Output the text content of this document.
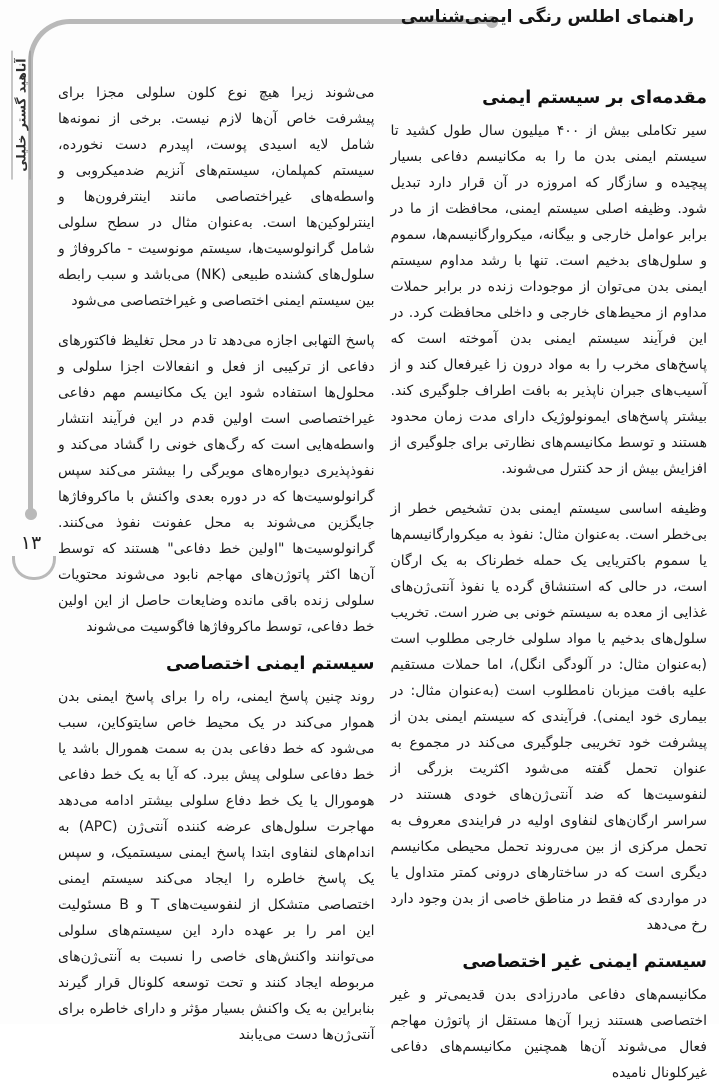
راهنمای اطلس رنگی ایمنی‌شناسی
آناهید گستر خلیلی
۱۳
مقدمه‌ای بر سیستم ایمنی

سیر تکاملی بیش از ۴۰۰ میلیون سال طول کشید تا سیستم ایمنی بدن ما را به مکانیسم دفاعی بسیار پیچیده و سازگار که امروزه در آن قرار دارد تبدیل شود. وظیفه اصلی سیستم ایمنی، محافظت از ما در برابر عوامل خارجی و بیگانه، میکروارگانیسم‌ها، سموم و سلول‌های بدخیم است. تنها با رشد مداوم سیستم ایمنی بدن می‌توان از موجودات زنده در برابر حملات مداوم از محیط‌های خارجی و داخلی محافظت کرد. در این فرآیند سیستم ایمنی بدن آموخته است که پاسخ‌های مخرب را به مواد درون زا غیرفعال کند و از آسیب‌های جبران ناپذیر به بافت اطراف جلوگیری کند. بیشتر پاسخ‌های ایمونولوژیک دارای مدت زمان محدود هستند و توسط مکانیسم‌های نظارتی برای جلوگیری از افزایش بیش از حد کنترل می‌شوند.

وظیفه اساسی سیستم ایمنی بدن تشخیص خطر از بی‌خطر است. به‌عنوان مثال: نفوذ به میکروارگانیسم‌ها یا سموم باکتریایی یک حمله خطرناک به یک ارگان است، در حالی که استنشاق گرده یا نفوذ آنتی‌ژن‌های غذایی از معده به سیستم خونی بی ضرر است. تخریب سلول‌های بدخیم یا مواد سلولی خارجی مطلوب است (به‌عنوان مثال: در آلودگی انگل)، اما حملات مستقیم علیه بافت میزبان نامطلوب است (به‌عنوان مثال: در بیماری خود ایمنی). فرآیندی که سیستم ایمنی بدن از پیشرفت خود تخریبی جلوگیری می‌کند در مجموع به عنوان تحمل گفته می‌شود اکثریت بزرگی از لنفوسیت‌ها که ضد آنتی‌ژن‌های خودی هستند در سراسر ارگان‌های لنفاوی اولیه در فرایندی معروف به تحمل مرکزی از بین می‌روند تحمل محیطی مکانیسم دیگری است که در ساختارهای درونی کمتر متداول یا در مواردی که فقط در مناطق خاصی از بدن وجود دارد رخ می‌دهد

سیستم ایمنی غیر اختصاصی

مکانیسم‌های دفاعی مادرزادی بدن قدیمی‌تر و غیر اختصاصی هستند زیرا آن‌ها مستقل از پاتوژن مهاجم فعال می‌شوند آن‌ها همچنین مکانیسم‌های دفاعی غیرکلونال نامیده

می‌شوند زیرا هیچ نوع کلون سلولی مجزا برای پیشرفت خاص آن‌ها لازم نیست. برخی از نمونه‌ها شامل لایه اسیدی پوست، اپیدرم دست نخورده، سیستم کمپلمان، سیستم‌های آنزیم ضدمیکروبی و واسطه‌های غیراختصاصی مانند اینترفرون‌ها و اینترلوکین‌ها است. به‌عنوان مثال در سطح سلولی شامل گرانولوسیت‌ها، سیستم مونوسیت - ماکروفاژ و سلول‌های کشنده طبیعی (NK) می‌باشد و سبب رابطه بین سیستم ایمنی اختصاصی و غیراختصاصی می‌شود

پاسخ التهابی اجازه می‌دهد تا در محل تغلیظ فاکتورهای دفاعی از ترکیبی از فعل و انفعالات اجزا سلولی و محلول‌ها استفاده شود این یک مکانیسم مهم دفاعی غیراختصاصی است اولین قدم در این فرآیند انتشار واسطه‌هایی است که رگ‌های خونی را گشاد می‌کند و نفوذپذیری دیواره‌های مویرگی را بیشتر می‌کند سپس گرانولوسیت‌ها که در دوره بعدی واکنش با ماکروفاژها جایگزین می‌شوند به محل عفونت نفوذ می‌کنند. گرانولوسیت‌ها "اولین خط دفاعی" هستند که توسط آن‌ها اکثر پاتوژن‌های مهاجم نابود می‌شوند محتویات سلولی زنده باقی مانده وضایعات حاصل از این اولین خط دفاعی، توسط ماکروفاژها فاگوسیت می‌شوند

سیستم ایمنی اختصاصی

روند چنین پاسخ ایمنی، راه را برای پاسخ ایمنی بدن هموار می‌کند در یک محیط خاص سایتوکاین، سبب می‌شود که خط دفاعی بدن به سمت همورال باشد یا خط دفاعی سلولی پیش ببرد. که آیا به یک خط دفاعی هومورال یا یک خط دفاع سلولی بیشتر ادامه می‌دهد مهاجرت سلول‌های عرضه کننده آنتی‌ژن (APC) به اندام‌های لنفاوی ابتدا پاسخ ایمنی سیستمیک، و سپس یک پاسخ خاطره را ایجاد می‌کند سیستم ایمنی اختصاصی متشکل از لنفوسیت‌های T و B مسئولیت این امر را بر عهده دارد این سیستم‌های سلولی می‌توانند واکنش‌های خاصی را نسبت به آنتی‌ژن‌های مربوطه ایجاد کنند و تحت توسعه کلونال قرار گیرند بنابراین به یک واکنش بسیار مؤثر و دارای خاطره برای آنتی‌ژن‌ها دست می‌یابند
